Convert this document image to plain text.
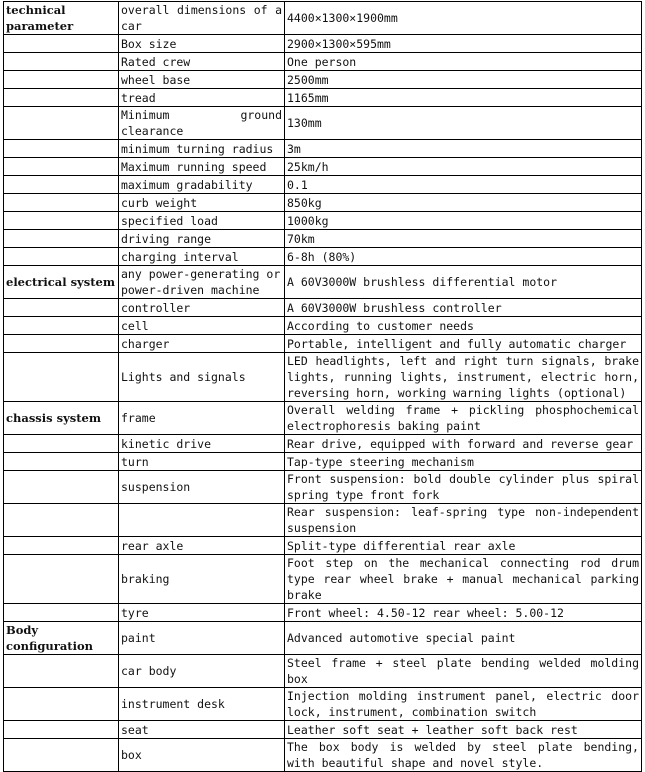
technical parameter	overall dimensions of a car	4400×1300×1900mm
	Box size	2900×1300×595mm
	Rated crew	One person
	wheel base	2500mm
	tread	1165mm
	Minimum ground clearance	130mm
	minimum turning radius	3m
	Maximum running speed	25km/h
	maximum gradability	0.1
	curb weight	850kg
	specified load	1000kg
	driving range	70km
	charging interval	6-8h (80%)
electrical system	any power-generating or power-driven machine	A 60V3000W brushless differential motor
	controller	A 60V3000W brushless controller
	cell	According to customer needs
	charger	Portable, intelligent and fully automatic charger
	Lights and signals	LED headlights, left and right turn signals, brake lights, running lights, instrument, electric horn, reversing horn, working warning lights (optional)
chassis system	frame	Overall welding frame + pickling phosphochemical electrophoresis baking paint
	kinetic drive	Rear drive, equipped with forward and reverse gear
	turn	Tap-type steering mechanism
	suspension	Front suspension: bold double cylinder plus spiral spring type front fork
		Rear suspension: leaf-spring type non-independent suspension
	rear axle	Split-type differential rear axle
	braking	Foot step on the mechanical connecting rod drum type rear wheel brake + manual mechanical parking brake
	tyre	Front wheel: 4.50-12 rear wheel: 5.00-12
Body configuration	paint	Advanced automotive special paint
	car body	Steel frame + steel plate bending welded molding box
	instrument desk	Injection molding instrument panel, electric door lock, instrument, combination switch
	seat	Leather soft seat + leather soft back rest
	box	The box body is welded by steel plate bending, with beautiful shape and novel style.
